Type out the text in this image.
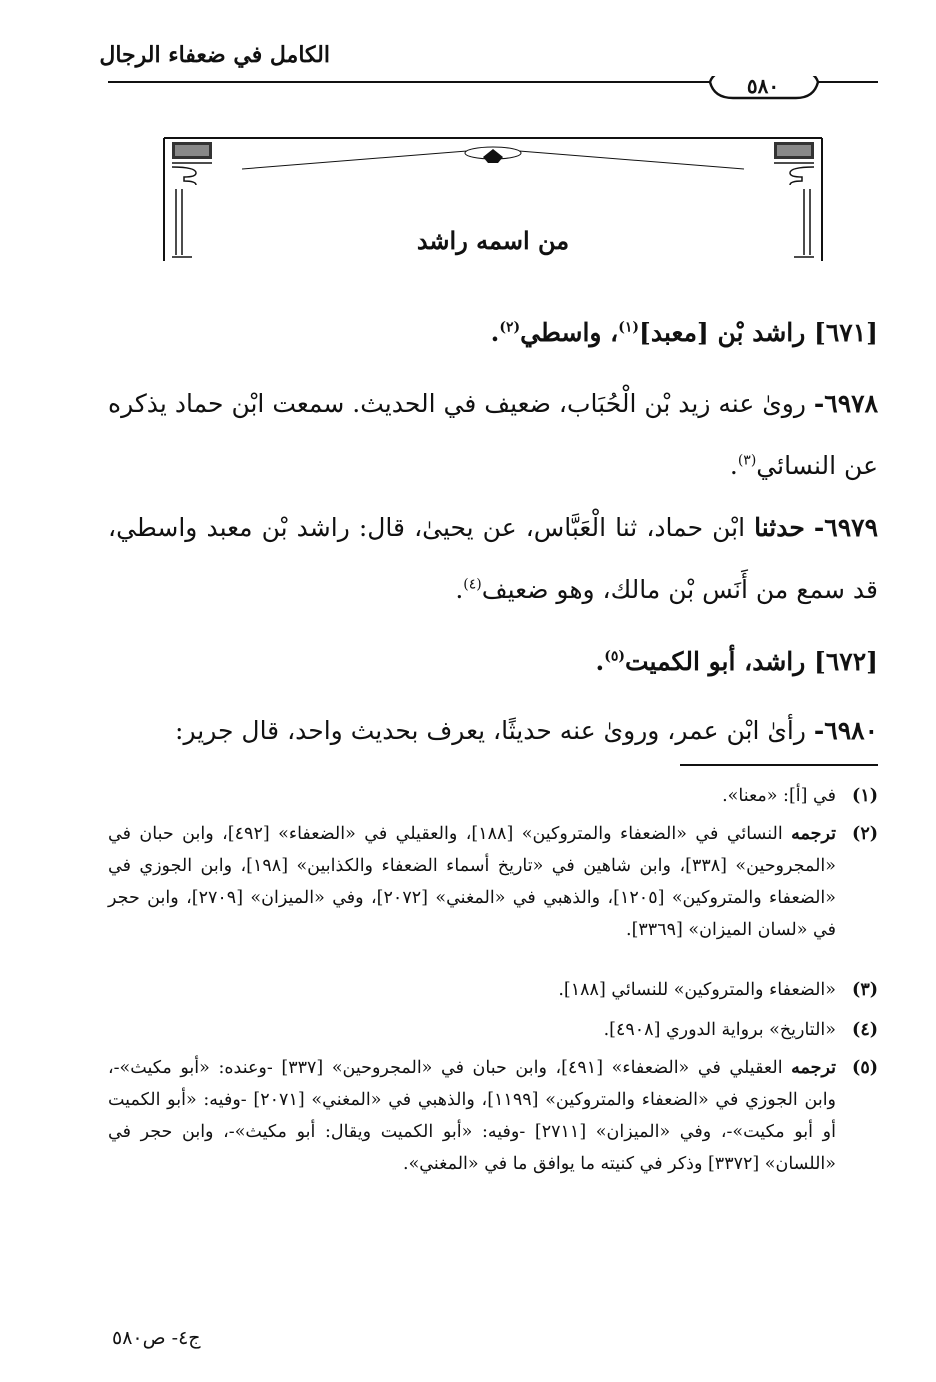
الكامل في ضعفاء الرجال
٥٨٠
من اسمه راشد
[٦٧١] راشد بْن [معبد]$^{(١)}$، واسطي$^{(٢)}$.
٦٩٧٨- رویٰ عنه زيد بْن الْحُبَاب، ضعيف في الحديث. سمعت ابْن حماد يذكره عن النسائي$^{(٣)}$.
٦٩٧٩- حدثنا ابْن حماد، ثنا الْعَبَّاس، عن يحيىٰ، قال: راشد بْن معبد واسطي، قد سمع من أَنَس بْن مالك، وهو ضعيف$^{(٤)}$.
[٦٧٢] راشد، أبو الكميت$^{(٥)}$.
٦٩٨٠- رأىٰ ابْن عمر، وروىٰ عنه حديثًا، يعرف بحديث واحد، قال جرير:
(١)
في [أ]: «معنا».
(٢)
ترجمه النسائي في «الضعفاء والمتروكين» [١٨٨]، والعقيلي في «الضعفاء» [٤٩٢]، وابن حبان في «المجروحين» [٣٣٨]، وابن شاهين في «تاريخ أسماء الضعفاء والكذابين» [١٩٨]، وابن الجوزي في «الضعفاء والمتروكين» [١٢٠٥]، والذهبي في «المغني» [٢٠٧٢]، وفي «الميزان» [٢٧٠٩]، وابن حجر في «لسان الميزان» [٣٣٦٩].
(٣)
«الضعفاء والمتروكين» للنسائي [١٨٨].
(٤)
«التاريخ» برواية الدوري [٤٩٠٨].
(٥)
ترجمه العقيلي في «الضعفاء» [٤٩١]، وابن حبان في «المجروحين» [٣٣٧] -وعنده: «أبو مكيث»-، وابن الجوزي في «الضعفاء والمتروكين» [١١٩٩]، والذهبي في «المغني» [٢٠٧١] -وفيه: «أبو الكميت أو أبو مكيت»-، وفي «الميزان» [٢٧١١] -وفيه: «أبو الكميت ويقال: أبو مكيث»-، وابن حجر في «اللسان» [٣٣٧٢] وذكر في كنيته ما يوافق ما في «المغني».
ج٤- ص٥٨٠
